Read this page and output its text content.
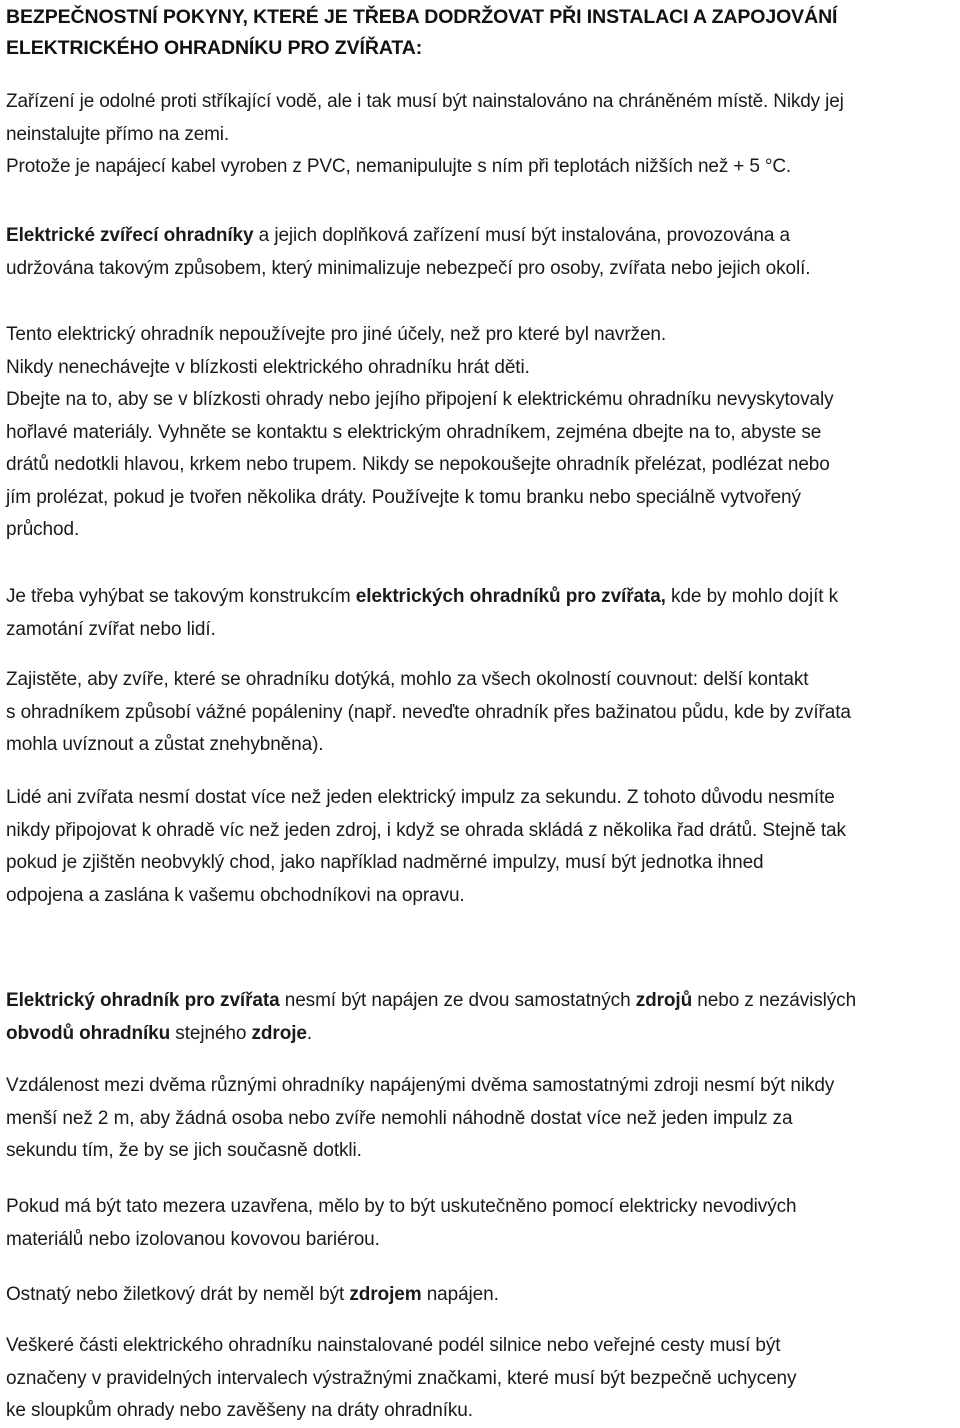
BEZPEČNOSTNÍ POKYNY, KTERÉ JE TŘEBA DODRŽOVAT PŘI INSTALACI A ZAPOJOVÁNÍ
ELEKTRICKÉHO OHRADNÍKU PRO ZVÍŘATA:

Zařízení je odolné proti stříkající vodě, ale i tak musí být nainstalováno na chráněném místě. Nikdy jej
neinstalujte přímo na zemi.
Protože je napájecí kabel vyroben z PVC, nemanipulujte s ním při teplotách nižších než + 5 °C.

Elektrické zvířecí ohradníky a jejich doplňková zařízení musí být instalována, provozována a
udržována takovým způsobem, který minimalizuje nebezpečí pro osoby, zvířata nebo jejich okolí.

Tento elektrický ohradník nepoužívejte pro jiné účely, než pro které byl navržen.
Nikdy nenechávejte v blízkosti elektrického ohradníku hrát děti.
Dbejte na to, aby se v blízkosti ohrady nebo jejího připojení k elektrickému ohradníku nevyskytovaly
hořlavé materiály. Vyhněte se kontaktu s elektrickým ohradníkem, zejména dbejte na to, abyste se
drátů nedotkli hlavou, krkem nebo trupem. Nikdy se nepokoušejte ohradník přelézat, podlézat nebo
jím prolézat, pokud je tvořen několika dráty. Používejte k tomu branku nebo speciálně vytvořený
průchod.

Je třeba vyhýbat se takovým konstrukcím elektrických ohradníků pro zvířata, kde by mohlo dojít k
zamotání zvířat nebo lidí.

Zajistěte, aby zvíře, které se ohradníku dotýká, mohlo za všech okolností couvnout: delší kontakt
s ohradníkem způsobí vážné popáleniny (např. neveďte ohradník přes bažinatou půdu, kde by zvířata
mohla uvíznout a zůstat znehybněna).

Lidé ani zvířata nesmí dostat více než jeden elektrický impulz za sekundu. Z tohoto důvodu nesmíte
nikdy připojovat k ohradě víc než jeden zdroj, i když se ohrada skládá z několika řad drátů. Stejně tak
pokud je zjištěn neobvyklý chod, jako například nadměrné impulzy, musí být jednotka ihned
odpojena a zaslána k vašemu obchodníkovi na opravu.

Elektrický ohradník pro zvířata nesmí být napájen ze dvou samostatných zdrojů nebo z nezávislých
obvodů ohradníku stejného zdroje.

Vzdálenost mezi dvěma různými ohradníky napájenými dvěma samostatnými zdroji nesmí být nikdy
menší než 2 m, aby žádná osoba nebo zvíře nemohli náhodně dostat více než jeden impulz za
sekundu tím, že by se jich současně dotkli.

Pokud má být tato mezera uzavřena, mělo by to být uskutečněno pomocí elektricky nevodivých
materiálů nebo izolovanou kovovou bariérou.

Ostnatý nebo žiletkový drát by neměl být zdrojem napájen.

Veškeré části elektrického ohradníku nainstalované podél silnice nebo veřejné cesty musí být
označeny v pravidelných intervalech výstražnými značkami, které musí být bezpečně uchyceny
ke sloupkům ohrady nebo zavěšeny na dráty ohradníku.
